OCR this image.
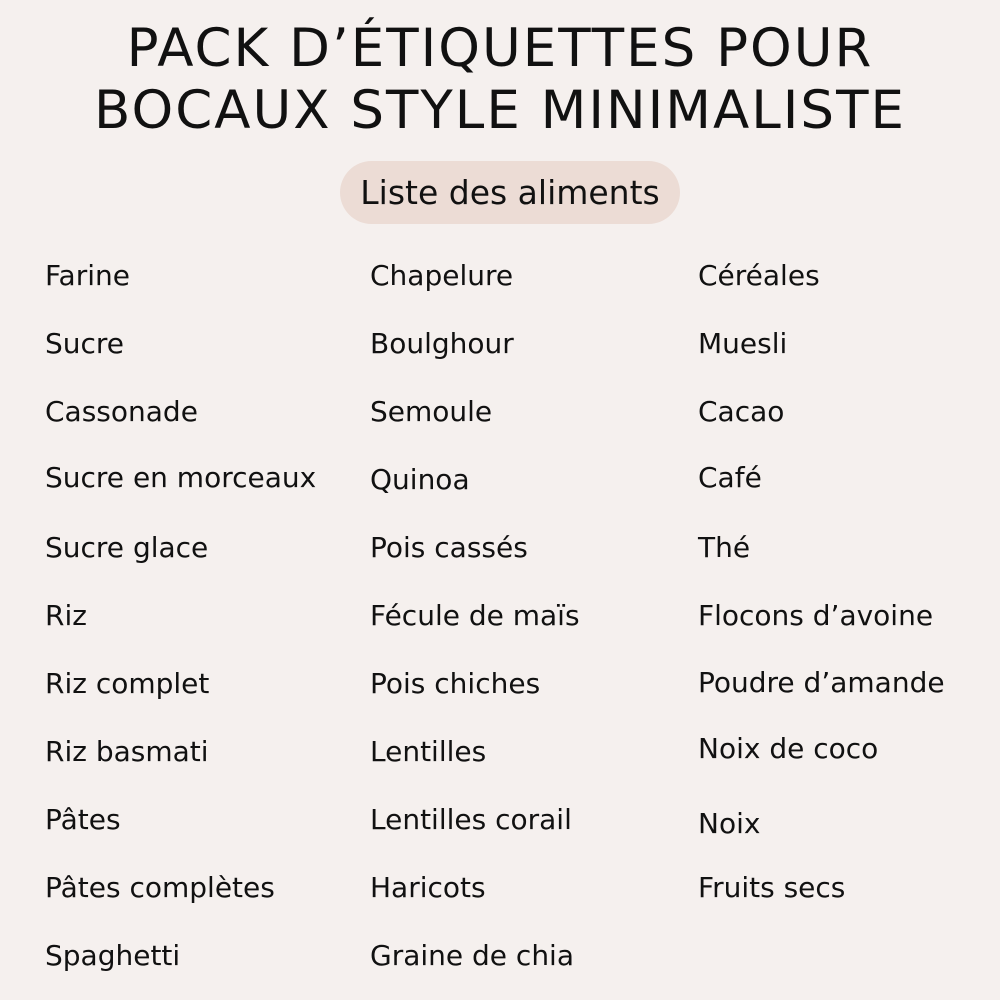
PACK D’ÉTIQUETTES POUR
BOCAUX STYLE MINIMALISTE
Liste des aliments
Farine
Sucre
Cassonade
Sucre en morceaux
Sucre glace
Riz
Riz complet
Riz basmati
Pâtes
Pâtes complètes
Spaghetti
Chapelure
Boulghour
Semoule
Quinoa
Pois cassés
Fécule de maïs
Pois chiches
Lentilles
Lentilles corail
Haricots
Graine de chia
Céréales
Muesli
Cacao
Café
Thé
Flocons d’avoine
Poudre d’amande
Noix de coco
Noix
Fruits secs
